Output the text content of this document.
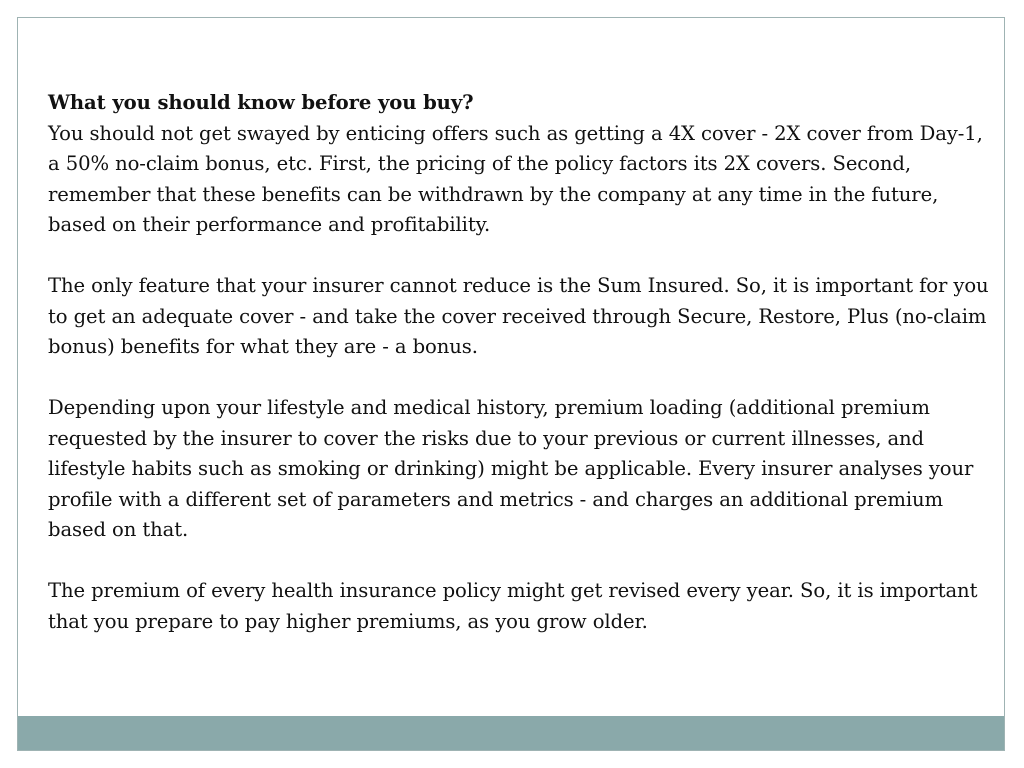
What you should know before you buy?

You should not get swayed by enticing offers such as getting a 4X cover - 2X cover from Day-1, a 50% no-claim bonus, etc. First, the pricing of the policy factors its 2X covers. Second, remember that these benefits can be withdrawn by the company at any time in the future, based on their performance and profitability.

The only feature that your insurer cannot reduce is the Sum Insured. So, it is important for you to get an adequate cover - and take the cover received through Secure, Restore, Plus (no-claim bonus) benefits for what they are - a bonus.

Depending upon your lifestyle and medical history, premium loading (additional premium requested by the insurer to cover the risks due to your previous or current illnesses, and lifestyle habits such as smoking or drinking) might be applicable. Every insurer analyses your profile with a different set of parameters and metrics - and charges an additional premium based on that.

The premium of every health insurance policy might get revised every year. So, it is important that you prepare to pay higher premiums, as you grow older.
